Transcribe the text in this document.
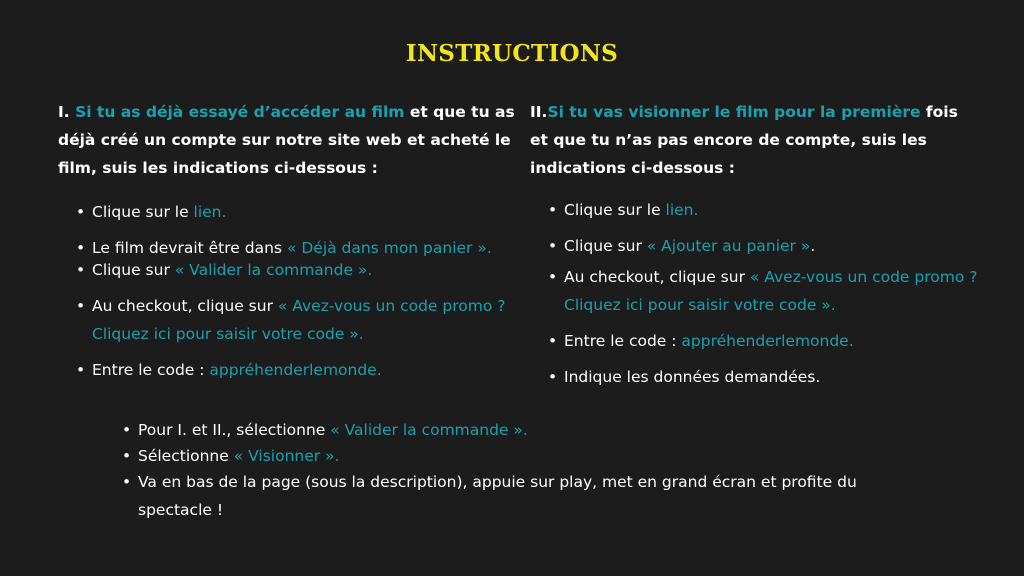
INSTRUCTIONS

I. Si tu as déjà essayé d’accéder au film et que tu as déjà créé un compte sur notre site web et acheté le film, suis les indications ci-dessous :

• Clique sur le lien.
• Le film devrait être dans « Déjà dans mon panier ».
• Clique sur « Valider la commande ».
• Au checkout, clique sur « Avez-vous un code promo ? Cliquez ici pour saisir votre code ».
• Entre le code : appréhenderlemonde.

II.Si tu vas visionner le film pour la première fois et que tu n’as pas encore de compte, suis les indications ci-dessous :

• Clique sur le lien.
• Clique sur « Ajouter au panier ».
• Au checkout, clique sur « Avez-vous un code promo ? Cliquez ici pour saisir votre code ».
• Entre le code : appréhenderlemonde.
• Indique les données demandées.
• Pour I. et II., sélectionne « Valider la commande ».
• Sélectionne « Visionner ».
• Va en bas de la page (sous la description), appuie sur play, met en grand écran et profite du spectacle !
